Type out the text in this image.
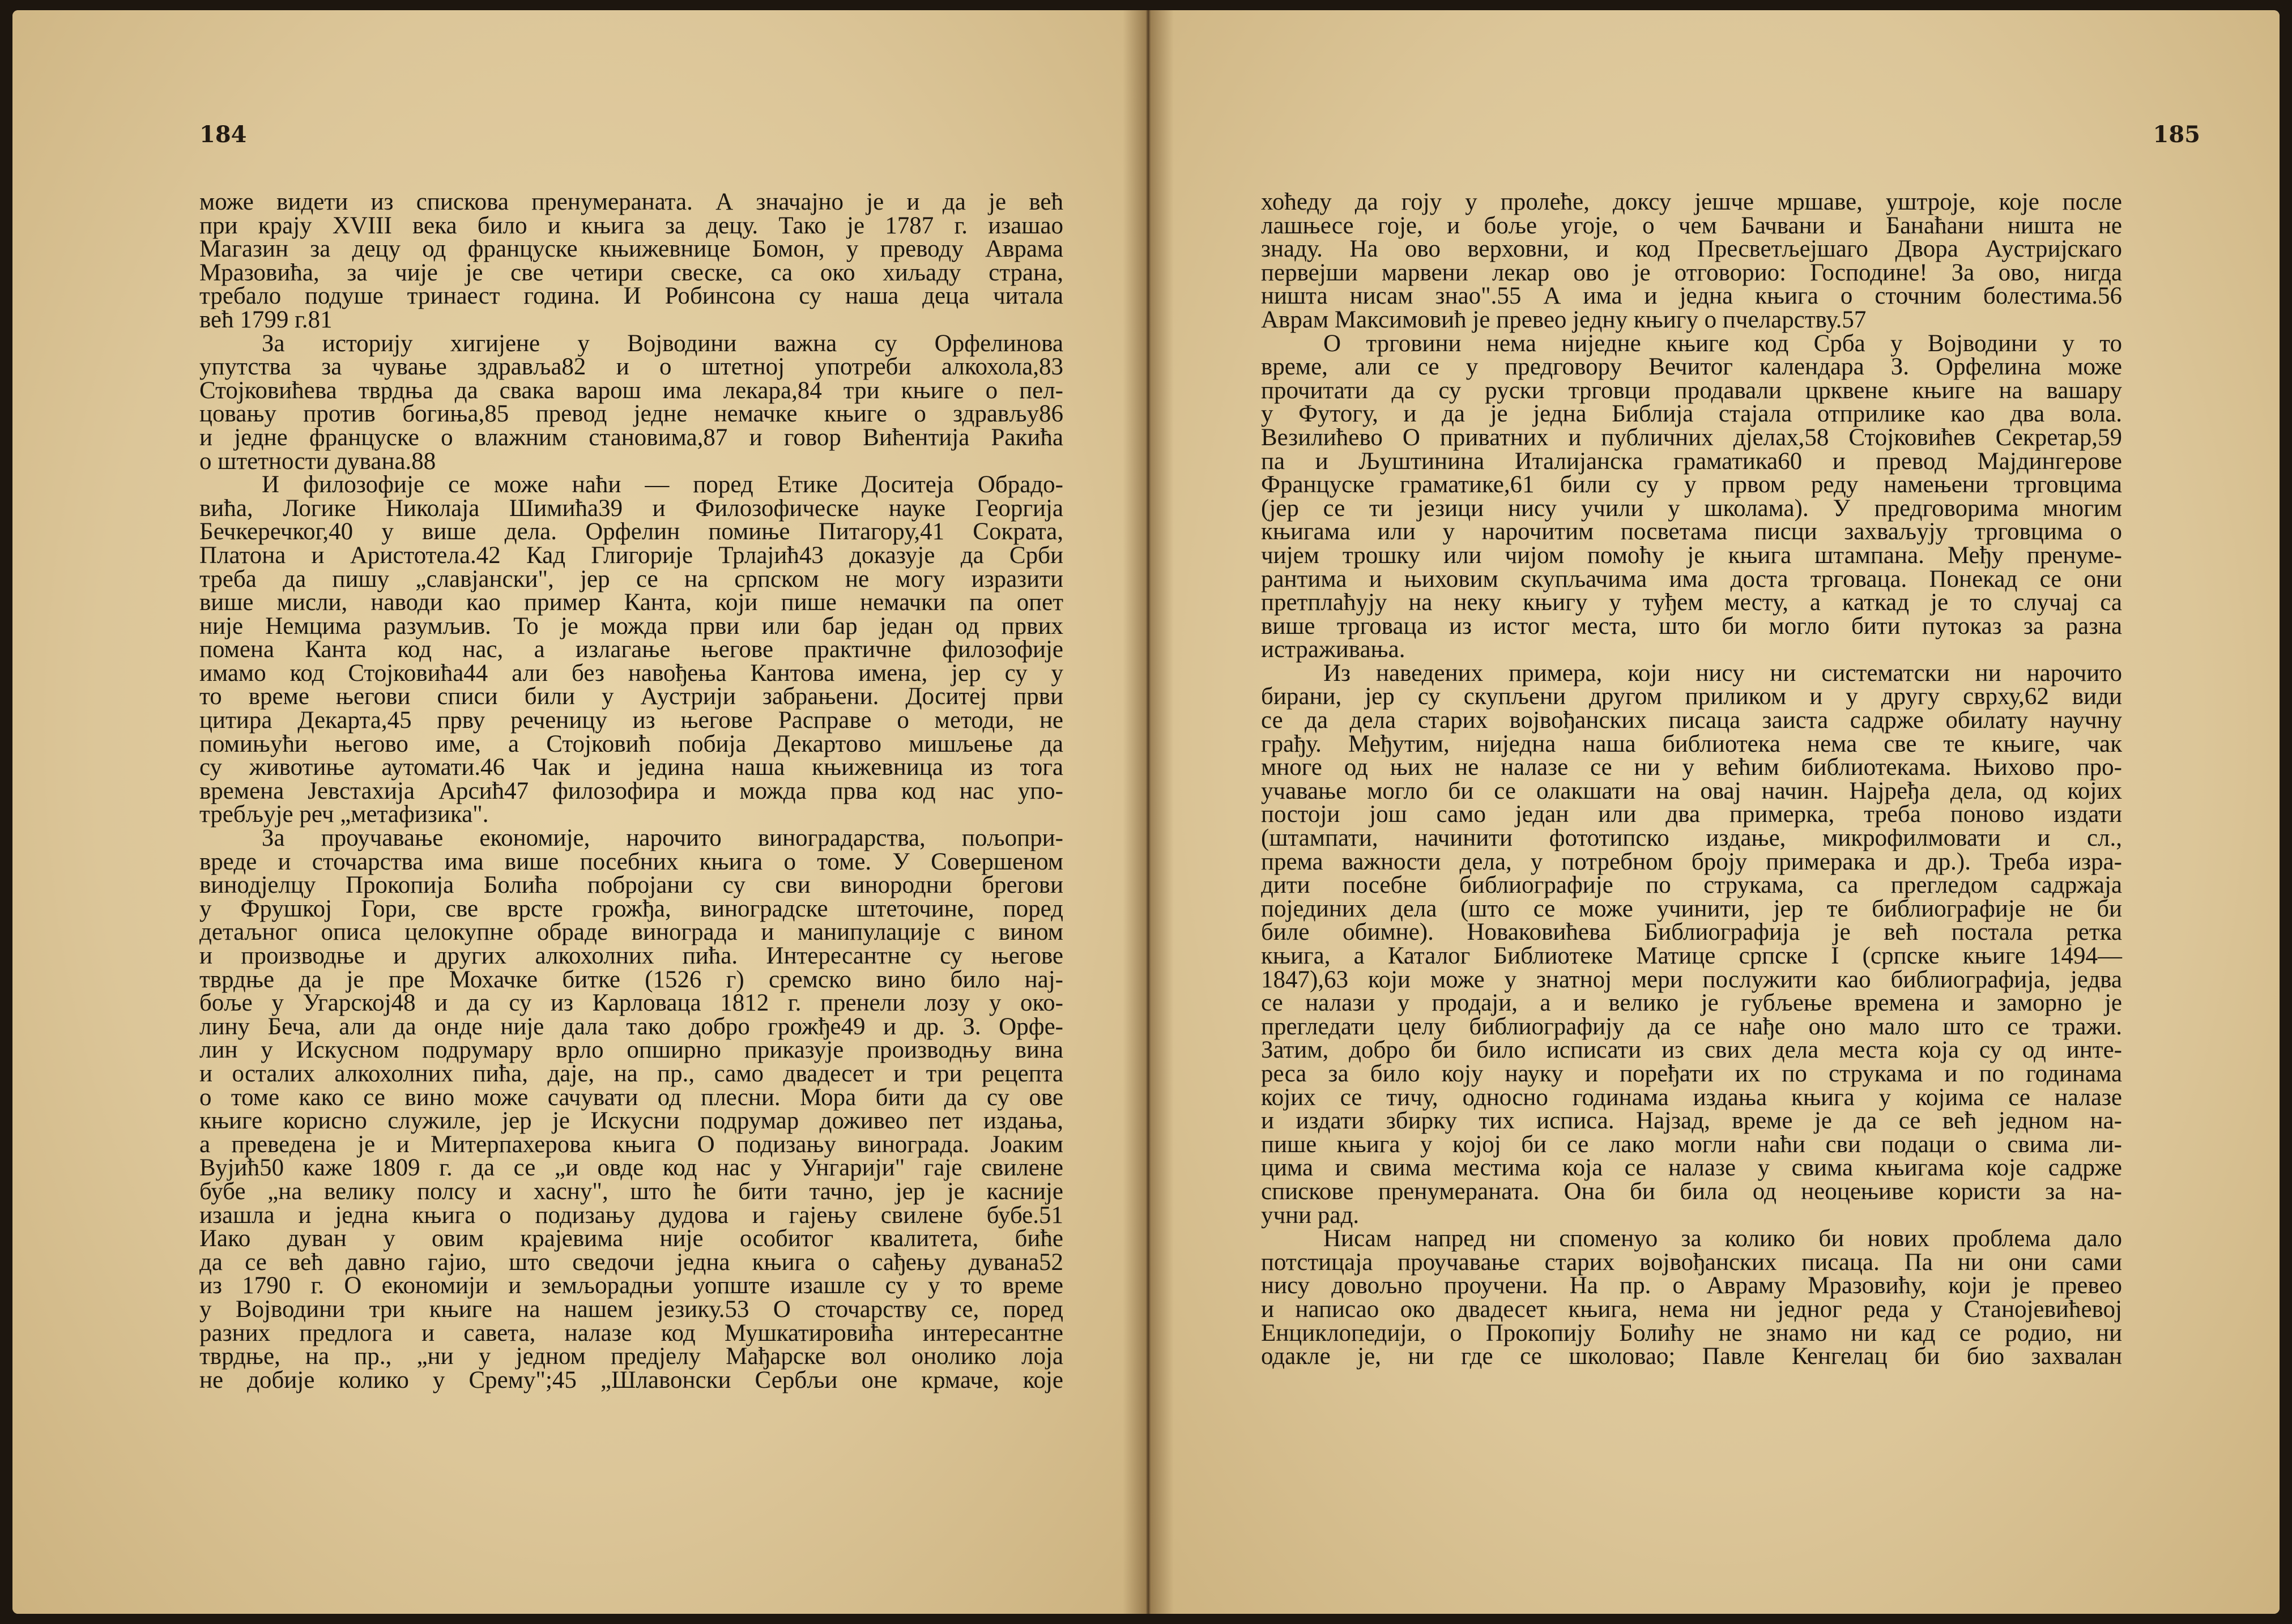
184
може видети из спискова пренумераната. А значајно је и да је већ
при крају XVIII века било и књига за децу. Тако је 1787 г. изашао
Магазин за децу од француске књижевнице Бомон, у преводу Аврама
Мразовића, за чије је све четири свеске, са око хиљаду страна,
требало подуше тринаест година. И Робинсона су наша деца читала
већ 1799 г.81
За историју хигијене у Војводини важна су Орфелинова
упутства за чување здравља82 и о штетној употреби алкохола,83
Стојковићева тврдња да свака варош има лекара,84 три књиге о пел-
цовању против богиња,85 превод једне немачке књиге о здрављу86
и једне француске о влажним становима,87 и говор Вићентија Ракића
о штетности дувана.88
И филозофије се може наћи — поред Етике Доситеја Обрадо-
вића, Логике Николаја Шимића39 и Филозофическе науке Георгија
Бечкеречког,40 у више дела. Орфелин помиње Питагору,41 Сократа,
Платона и Аристотела.42 Кад Глигорије Трлајић43 доказује да Срби
треба да пишу „славјански", јер се на српском не могу изразити
више мисли, наводи као пример Канта, који пише немачки па опет
није Немцима разумљив. То је можда први или бар један од првих
помена Канта код нас, а излагање његове практичне филозофије
имамо код Стојковића44 али без навођења Кантова имена, јер су у
то време његови списи били у Аустрији забрањени. Доситеј први
цитира Декарта,45 прву реченицу из његове Расправе о методи, не
помињући његово име, а Стојковић побија Декартово мишљење да
су животиње аутомати.46 Чак и једина наша књижевница из тога
времена Јевстахија Арсић47 филозофира и можда прва код нас упо-
требљује реч „метафизика".
За проучавање економије, нарочито виноградарства, пољопри-
вреде и сточарства има више посебних књига о томе. У Совершеном
винодјелцу Прокопија Болића побројани су сви винородни брегови
у Фрушкој Гори, све врсте грожђа, виноградске штеточине, поред
детаљног описа целокупне обраде винограда и манипулације с вином
и производње и других алкохолних пића. Интересантне су његове
тврдње да је пре Мохачке битке (1526 г) сремско вино било нај-
боље у Угарској48 и да су из Карловаца 1812 г. пренели лозу у око-
лину Беча, али да онде није дала тако добро грожђе49 и др. З. Орфе-
лин у Искусном подрумару врло опширно приказује производњу вина
и осталих алкохолних пића, даје, на пр., само двадесет и три рецепта
о томе како се вино може сачувати од плесни. Мора бити да су ове
књиге корисно служиле, јер је Искусни подрумар доживео пет издања,
а преведена је и Митерпахерова књига О подизању винограда. Јоаким
Вујић50 каже 1809 г. да се „и овде код нас у Унгарији" гаје свилене
бубе „на велику полсу и хасну", што ће бити тачно, јер је касније
изашла и једна књига о подизању дудова и гајењу свилене бубе.51
Иако дуван у овим крајевима није особитог квалитета, биће
да се већ давно гајио, што сведочи једна књига о сађењу дувана52
из 1790 г. О економији и земљорадњи уопште изашле су у то време
у Војводини три књиге на нашем језику.53 О сточарству се, поред
разних предлога и савета, налазе код Мушкатировића интересантне
тврдње, на пр., „ни у једном предјелу Мађарске вол онолико лоја
не добије колико у Срему";45 „Шлавонски Сербљи оне крмаче, које
185
хоћеду да гоју у пролеће, доксу јешче мршаве, уштроје, које после
лашњесе гоје, и боље угоје, о чем Бачвани и Банаћани ништа не
знаду. На ово верховни, и код Пресветљејшаго Двора Аустријскаго
первејши марвени лекар ово је отговорио: Господине! За ово, нигда
ништа нисам знао".55 А има и једна књига о сточним болестима.56
Аврам Максимовић је превео једну књигу о пчеларству.57
О трговини нема ниједне књиге код Срба у Војводини у то
време, али се у предговору Вечитог календара З. Орфелина може
прочитати да су руски трговци продавали црквене књиге на вашару
у Футогу, и да је једна Библија стајала отприлике као два вола.
Везилићево О приватних и публичних дјелах,58 Стојковићев Секретар,59
па и Љуштинина Италијанска граматика60 и превод Мајдингерове
Француске граматике,61 били су у првом реду намењени трговцима
(јер се ти језици нису учили у школама). У предговорима многим
књигама или у нарочитим посветама писци захваљују трговцима о
чијем трошку или чијом помоћу је књига штампана. Међу пренуме-
рантима и њиховим скупљачима има доста трговаца. Понекад се они
претплаћују на неку књигу у туђем месту, а каткад је то случај са
више трговаца из истог места, што би могло бити путоказ за разна
истраживања.
Из наведених примера, који нису ни систематски ни нарочито
бирани, јер су скупљени другом приликом и у другу сврху,62 види
се да дела старих војвођанских писаца заиста садрже обилату научну
грађу. Међутим, ниједна наша библиотека нема све те књиге, чак
многе од њих не налазе се ни у већим библиотекама. Њихово про-
учавање могло би се олакшати на овај начин. Најређа дела, од којих
постоји још само један или два примерка, треба поново издати
(штампати, начинити фототипско издање, микрофилмовати и сл.,
према важности дела, у потребном броју примерака и др.). Треба изра-
дити посебне библиографије по струкама, са прегледом садржаја
појединих дела (што се може учинити, јер те библиографије не би
биле обимне). Новаковићева Библиографија је већ постала ретка
књига, а Каталог Библиотеке Матице српске I (српске књиге 1494—
1847),63 који може у знатној мери послужити као библиографија, једва
се налази у продаји, а и велико је губљење времена и заморно је
прегледати целу библиографију да се нађе оно мало што се тражи.
Затим, добро би било исписати из свих дела места која су од инте-
реса за било коју науку и поређати их по струкама и по годинама
којих се тичу, односно годинама издања књига у којима се налазе
и издати збирку тих исписа. Најзад, време је да се већ једном на-
пише књига у којој би се лако могли наћи сви подаци о свима ли-
цима и свима местима која се налазе у свима књигама које садрже
спискове пренумераната. Она би била од неоцењиве користи за на-
учни рад.
Нисам напред ни споменуо за колико би нових проблема дало
потстицаја проучавање старих војвођанских писаца. Па ни они сами
нису довољно проучени. На пр. о Авраму Мразовићу, који је превео
и написао око двадесет књига, нема ни једног реда у Станојевићевој
Енциклопедији, о Прокопију Болићу не знамо ни кад се родио, ни
одакле је, ни где се школовао; Павле Кенгелац би био захвалан
